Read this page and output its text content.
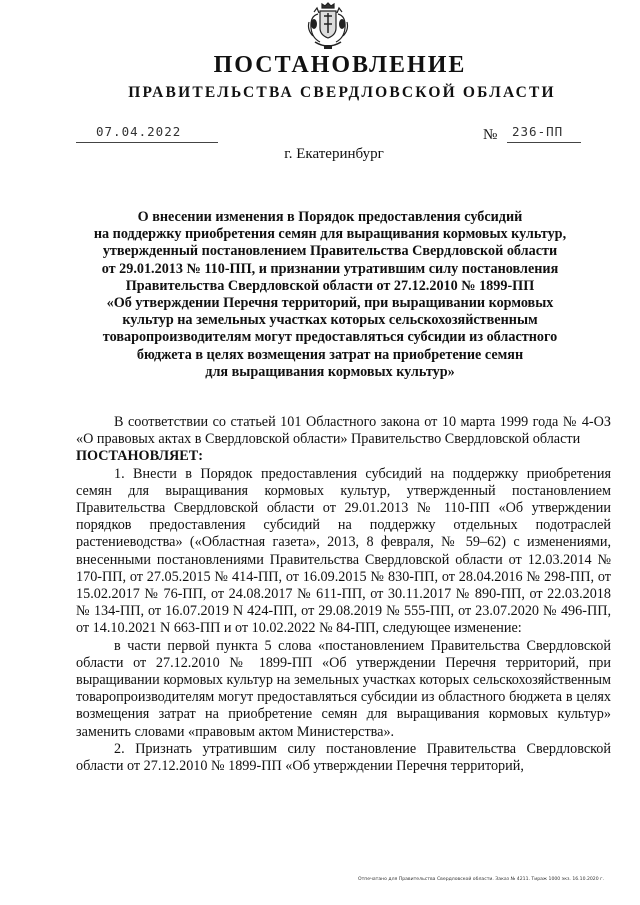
ПОСТАНОВЛЕНИЕ
ПРАВИТЕЛЬСТВА СВЕРДЛОВСКОЙ ОБЛАСТИ
07.04.2022	№ 236-ПП
г. Екатеринбург
О внесении изменения в Порядок предоставления субсидий
на поддержку приобретения семян для выращивания кормовых культур,
утвержденный постановлением Правительства Свердловской области
от 29.01.2013 № 110-ПП, и признании утратившим силу постановления
Правительства Свердловской области от 27.12.2010 № 1899-ПП
«Об утверждении Перечня территорий, при выращивании кормовых
культур на земельных участках которых сельскохозяйственным
товаропроизводителям могут предоставляться субсидии из областного
бюджета в целях возмещения затрат на приобретение семян
для выращивания кормовых культур»

В соответствии со статьей 101 Областного закона от 10 марта 1999 года № 4-ОЗ «О правовых актах в Свердловской области» Правительство Свердловской области

ПОСТАНОВЛЯЕТ:

1. Внести в Порядок предоставления субсидий на поддержку приобретения семян для выращивания кормовых культур, утвержденный постановлением Правительства Свердловской области от 29.01.2013 № 110-ПП «Об утверждении порядков предоставления субсидий на поддержку отдельных подотраслей растениеводства» («Областная газета», 2013, 8 февраля, № 59–62) с изменениями, внесенными постановлениями Правительства Свердловской области от 12.03.2014 № 170-ПП, от 27.05.2015 № 414-ПП, от 16.09.2015 № 830-ПП, от 28.04.2016 № 298-ПП, от 15.02.2017 № 76-ПП, от 24.08.2017 № 611-ПП, от 30.11.2017 № 890-ПП, от 22.03.2018 № 134-ПП, от 16.07.2019 N 424-ПП, от 29.08.2019 № 555-ПП, от 23.07.2020 № 496-ПП, от 14.10.2021 N 663-ПП и от 10.02.2022 № 84-ПП, следующее изменение:

в части первой пункта 5 слова «постановлением Правительства Свердловской области от 27.12.2010 № 1899-ПП «Об утверждении Перечня территорий, при выращивании кормовых культур на земельных участках которых сельскохозяйственным товаропроизводителям могут предоставляться субсидии из областного бюджета в целях возмещения затрат на приобретение семян для выращивания кормовых культур» заменить словами «правовым актом Министерства».

2. Признать утратившим силу постановление Правительства Свердловской области от 27.12.2010 № 1899-ПП «Об утверждении Перечня территорий,

Отпечатано для Правительства Свердловской области. Заказ № 4211. Тираж 1000 экз. 16.10.2020 г.
